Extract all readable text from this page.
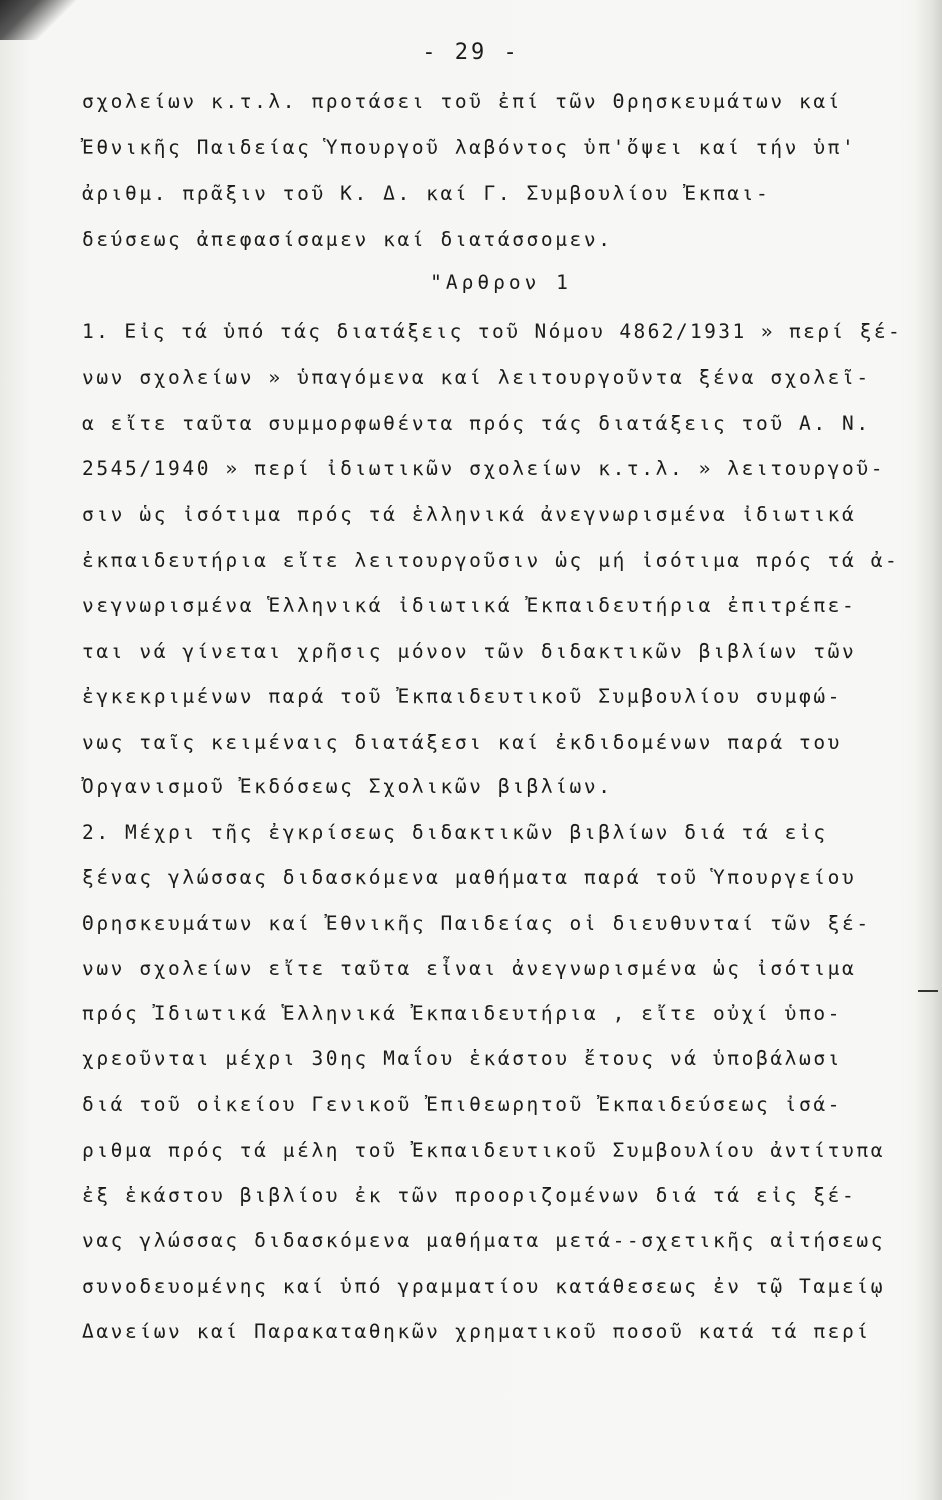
- 29 -
σχολείων κ.τ.λ. προτάσει τοῦ ἐπί τῶν Θρησκευμάτων καί
Ἐθνικῆς Παιδείας Ὑπουργοῦ λαβόντος ὑπ'ὄψει καί τήν ὑπ'
ἀριθμ. πρᾶξιν τοῦ Κ. Δ. καί Γ. Συμβουλίου Ἐκπαι-
δεύσεως ἀπεφασίσαμεν καί διατάσσομεν.
"Αρθρον 1
1. Εἰς τά ὑπό τάς διατάξεις τοῦ Νόμου 4862/1931 » περί ξέ-
νων σχολείων » ὑπαγόμενα καί λειτουργοῦντα ξένα σχολεῖ-
α εἴτε ταῦτα συμμορφωθέντα πρός τάς διατάξεις τοῦ Α. Ν.
2545/1940 » περί ἰδιωτικῶν σχολείων κ.τ.λ. » λειτουργοῦ-
σιν ὡς ἰσότιμα πρός τά ἑλληνικά ἀνεγνωρισμένα ἰδιωτικά
ἐκπαιδευτήρια εἴτε λειτουργοῦσιν ὡς μή ἰσότιμα πρός τά ἀ-
νεγνωρισμένα Ἑλληνικά ἰδιωτικά Ἐκπαιδευτήρια ἐπιτρέπε-
ται νά γίνεται χρῆσις μόνον τῶν διδακτικῶν βιβλίων τῶν
ἐγκεκριμένων παρά τοῦ Ἐκπαιδευτικοῦ Συμβουλίου συμφώ-
νως ταῖς κειμέναις διατάξεσι καί ἐκδιδομένων παρά του
Ὀργανισμοῦ Ἐκδόσεως Σχολικῶν βιβλίων.
2. Μέχρι τῆς ἐγκρίσεως διδακτικῶν βιβλίων διά τά εἰς
ξένας γλώσσας διδασκόμενα μαθήματα παρά τοῦ Ὑπουργείου
Θρησκευμάτων καί Ἐθνικῆς Παιδείας οἱ διευθυνταί τῶν ξέ-
νων σχολείων εἴτε ταῦτα εἶναι ἀνεγνωρισμένα ὡς ἰσότιμα
πρός Ἰδιωτικά Ἑλληνικά Ἐκπαιδευτήρια , εἴτε οὐχί ὑπο-
χρεοῦνται μέχρι 30ης Μαΐου ἑκάστου ἔτους νά ὑποβάλωσι
διά τοῦ οἰκείου Γενικοῦ Ἐπιθεωρητοῦ Ἐκπαιδεύσεως ἰσά-
ριθμα πρός τά μέλη τοῦ Ἐκπαιδευτικοῦ Συμβουλίου ἀντίτυπα
ἐξ ἑκάστου βιβλίου ἐκ τῶν προοριζομένων διά τά εἰς ξέ-
νας γλώσσας διδασκόμενα μαθήματα μετά--σχετικῆς αἰτήσεως
συνοδευομένης καί ὑπό γραμματίου κατάθεσεως ἐν τῷ Ταμείῳ
Δανείων καί Παρακαταθηκῶν χρηματικοῦ ποσοῦ κατά τά περί
